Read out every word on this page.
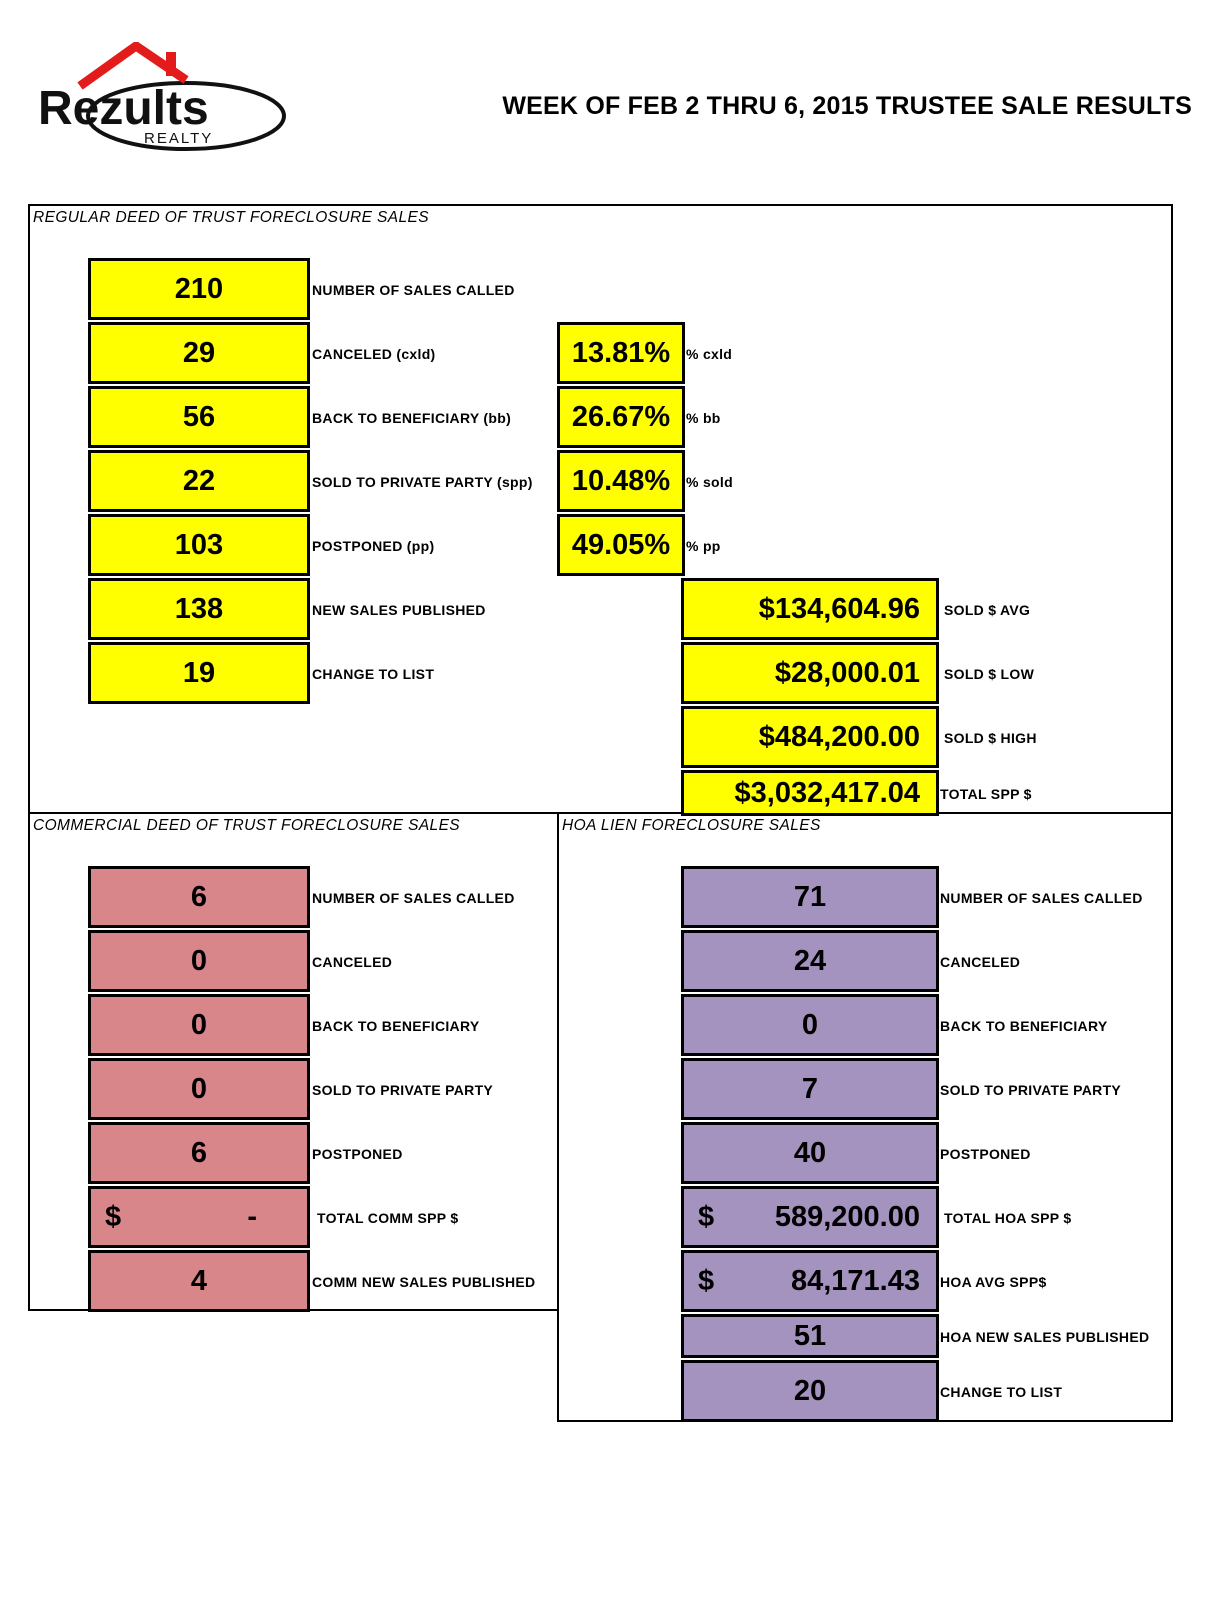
Rezults
REALTY
WEEK OF FEB 2 THRU 6, 2015 TRUSTEE SALE RESULTS
REGULAR DEED OF TRUST FORECLOSURE SALES
COMMERCIAL DEED OF TRUST FORECLOSURE SALES	HOA LIEN FORECLOSURE SALES
210	NUMBER OF SALES CALLED
29	CANCELED (cxld)
56	BACK TO BENEFICIARY (bb)
22	SOLD TO PRIVATE PARTY (spp)
103	POSTPONED (pp)
138	NEW SALES PUBLISHED
19	CHANGE TO LIST
13.81%	% cxld
26.67%	% bb
10.48%	% sold
49.05%	% pp
$134,604.96	SOLD $ AVG
$28,000.01	SOLD $ LOW
$484,200.00	SOLD $ HIGH
$3,032,417.04	TOTAL SPP $
6	NUMBER OF SALES CALLED
0	CANCELED
0	BACK TO BENEFICIARY
0	SOLD TO PRIVATE PARTY
6	POSTPONED
$	-	TOTAL COMM SPP $
4	COMM NEW SALES PUBLISHED
71	NUMBER OF SALES CALLED
24	CANCELED
0	BACK TO BENEFICIARY
7	SOLD TO PRIVATE PARTY
40	POSTPONED
$ 589,200.00 TOTAL HOA SPP $
$	84,171.43 HOA AVG SPP$
51	HOA NEW SALES PUBLISHED
20	CHANGE TO LIST
